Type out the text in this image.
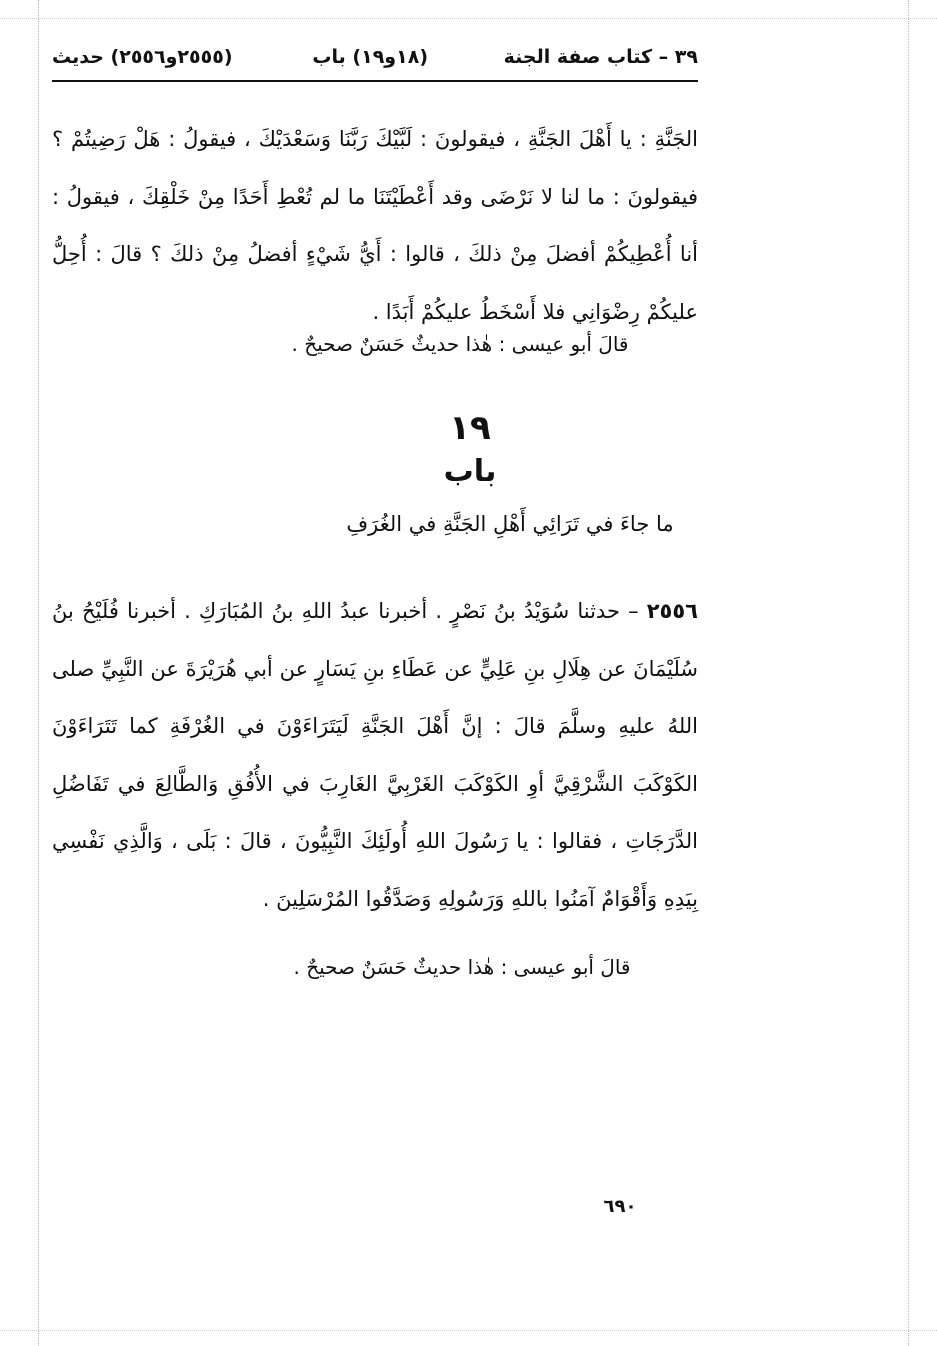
٣٩ – كتاب صفة الجنة
(١٨و١٩) باب
(٢٥٥٥و٢٥٥٦) حديث

الجَنَّةِ : يا أَهْلَ الجَنَّةِ ، فيقولونَ : لَبَّيْكَ رَبَّنَا وَسَعْدَيْكَ ، فيقولُ : هَلْ رَضِيتُمْ ؟ فيقولونَ : ما لنا لا نَرْضَى وقد أَعْطَيْتَنَا ما لم تُعْطِ أَحَدًا مِنْ خَلْقِكَ ، فيقولُ : أنا أُعْطِيكُمْ أفضلَ مِنْ ذلكَ ، قالوا : أَيُّ شَيْءٍ أفضلُ مِنْ ذلكَ ؟ قالَ : أُحِلُّ عليكُمْ رِضْوَانِي فلا أَسْخَطُ عليكُمْ أَبَدًا .

قالَ أبو عيسى : هٰذا حديثٌ حَسَنٌ صحيحٌ .

١٩
باب
ما جاءَ في تَرَائِي أَهْلِ الجَنَّةِ في الغُرَفِ

٢٥٥٦ – حدثنا سُوَيْدُ بنُ نَصْرٍ . أخبرنا عبدُ اللهِ بنُ المُبَارَكِ . أخبرنا فُلَيْحُ بنُ سُلَيْمَانَ عن هِلَالِ بنِ عَلِيٍّ عن عَطَاءِ بنِ يَسَارٍ عن أبي هُرَيْرَةَ عن النَّبِيِّ صلى اللهُ عليهِ وسلَّمَ قالَ : إنَّ أَهْلَ الجَنَّةِ لَيَتَرَاءَوْنَ في الغُرْفَةِ كما تَتَرَاءَوْنَ الكَوْكَبَ الشَّرْقِيَّ أوِ الكَوْكَبَ الغَرْبِيَّ الغَارِبَ في الأُفُقِ وَالطَّالِعَ في تَفَاضُلِ الدَّرَجَاتِ ، فقالوا : يا رَسُولَ اللهِ أُولَئِكَ النَّبِيُّونَ ، قالَ : بَلَى ، وَالَّذِي نَفْسِي بِيَدِهِ وَأَقْوَامٌ آمَنُوا باللهِ وَرَسُولِهِ وَصَدَّقُوا المُرْسَلِينَ .

قالَ أبو عيسى : هٰذا حديثٌ حَسَنٌ صحيحٌ .

٦٩٠
